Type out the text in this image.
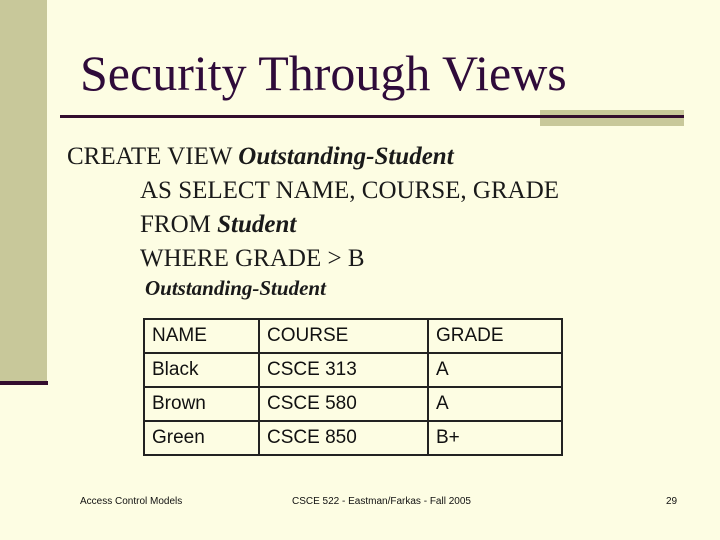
Security Through Views
CREATE VIEW Outstanding-Student
AS SELECT NAME, COURSE, GRADE
FROM Student
WHERE GRADE > B
Outstanding-Student
NAME	COURSE	GRADE
Black	CSCE 313	A
Brown	CSCE 580	A
Green	CSCE 850	B+
Access Control Models	CSCE 522 - Eastman/Farkas - Fall 2005	29
